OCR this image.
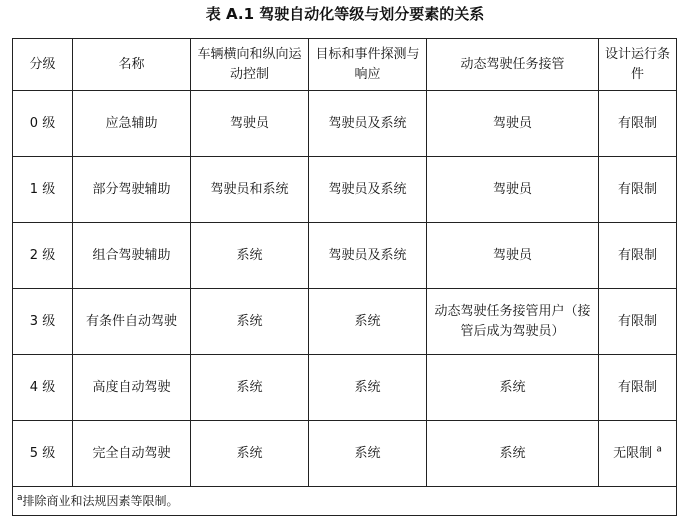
表 A.1 驾驶自动化等级与划分要素的关系
分级	名称	车辆横向和纵向运动控制	目标和事件探测与响应	动态驾驶任务接管	设计运行条件
0 级	应急辅助	驾驶员	驾驶员及系统	驾驶员	有限制
1 级	部分驾驶辅助	驾驶员和系统	驾驶员及系统	驾驶员	有限制
2 级	组合驾驶辅助	系统	驾驶员及系统	驾驶员	有限制
3 级	有条件自动驾驶	系统	系统	动态驾驶任务接管用户（接管后成为驾驶员）	有限制
4 级	高度自动驾驶	系统	系统	系统	有限制
5 级	完全自动驾驶	系统	系统	系统	无限制 $^a$
$^a$排除商业和法规因素等限制。					
